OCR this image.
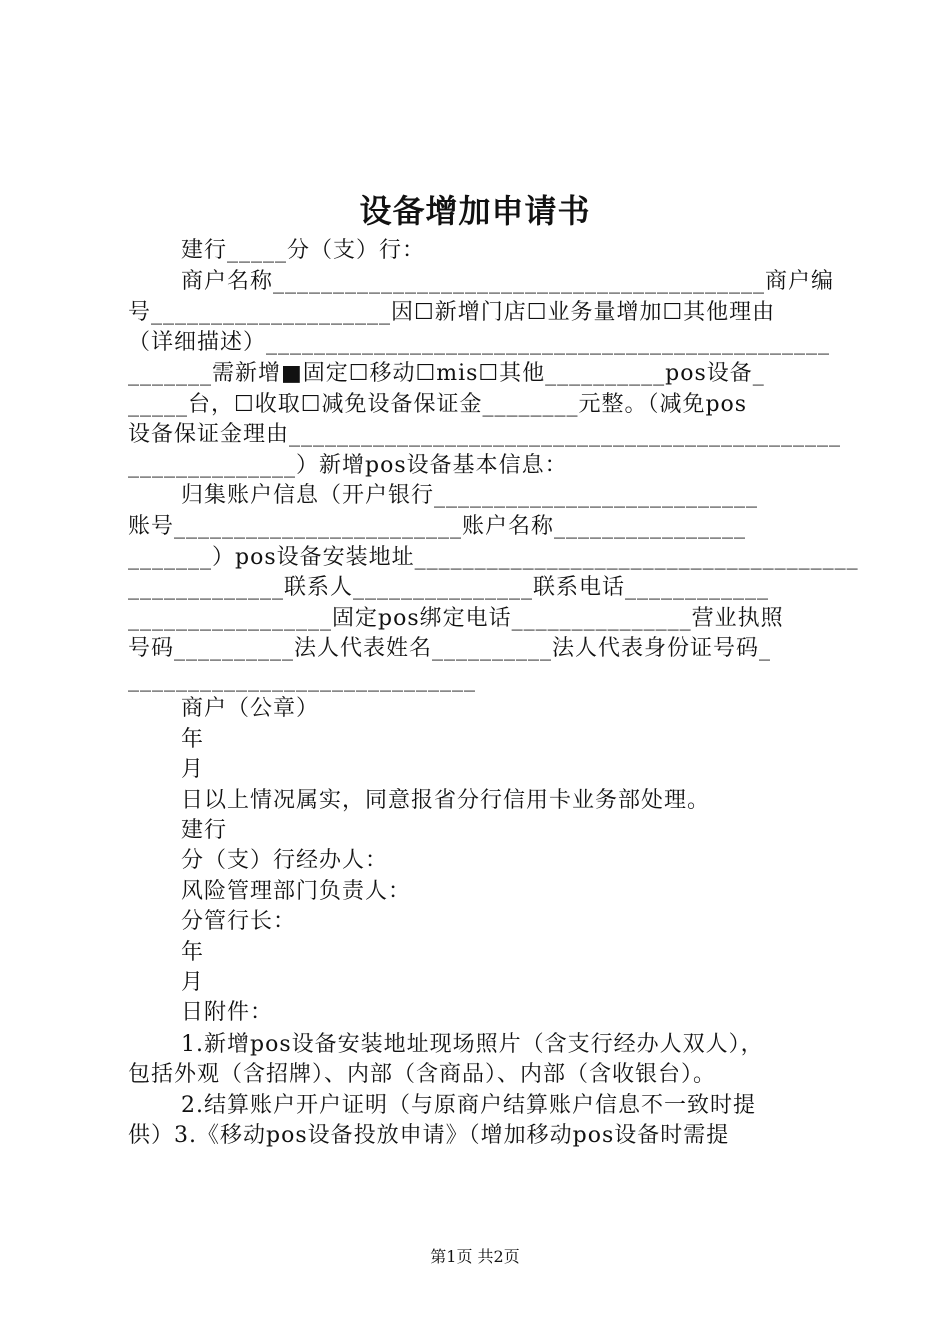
设备增加申请书
建行_____分（支）行：
商户名称_________________________________________商户编
号____________________因☐新增门店☐业务量增加☐其他理由
（详细描述）_______________________________________________
_______需新增■固定☐移动☐mis☐其他__________pos设备_
_____台，☐收取☐减免设备保证金________元整。（减免pos
设备保证金理由______________________________________________
______________）新增pos设备基本信息：
归集账户信息（开户银行___________________________
账号________________________账户名称________________
_______）pos设备安装地址_____________________________________
_____________联系人_______________联系电话____________
_________________固定pos绑定电话_______________营业执照
号码__________法人代表姓名__________法人代表身份证号码_
_____________________________
商户（公章）
年
月
日以上情况属实，同意报省分行信用卡业务部处理。
建行
分（支）行经办人：
风险管理部门负责人：
分管行长：
年
月
日附件：
1.新增pos设备安装地址现场照片（含支行经办人双人），
包括外观（含招牌）、内部（含商品）、内部（含收银台）。
2.结算账户开户证明（与原商户结算账户信息不一致时提
供）3.《移动pos设备投放申请》（增加移动pos设备时需提
第1页 共2页
